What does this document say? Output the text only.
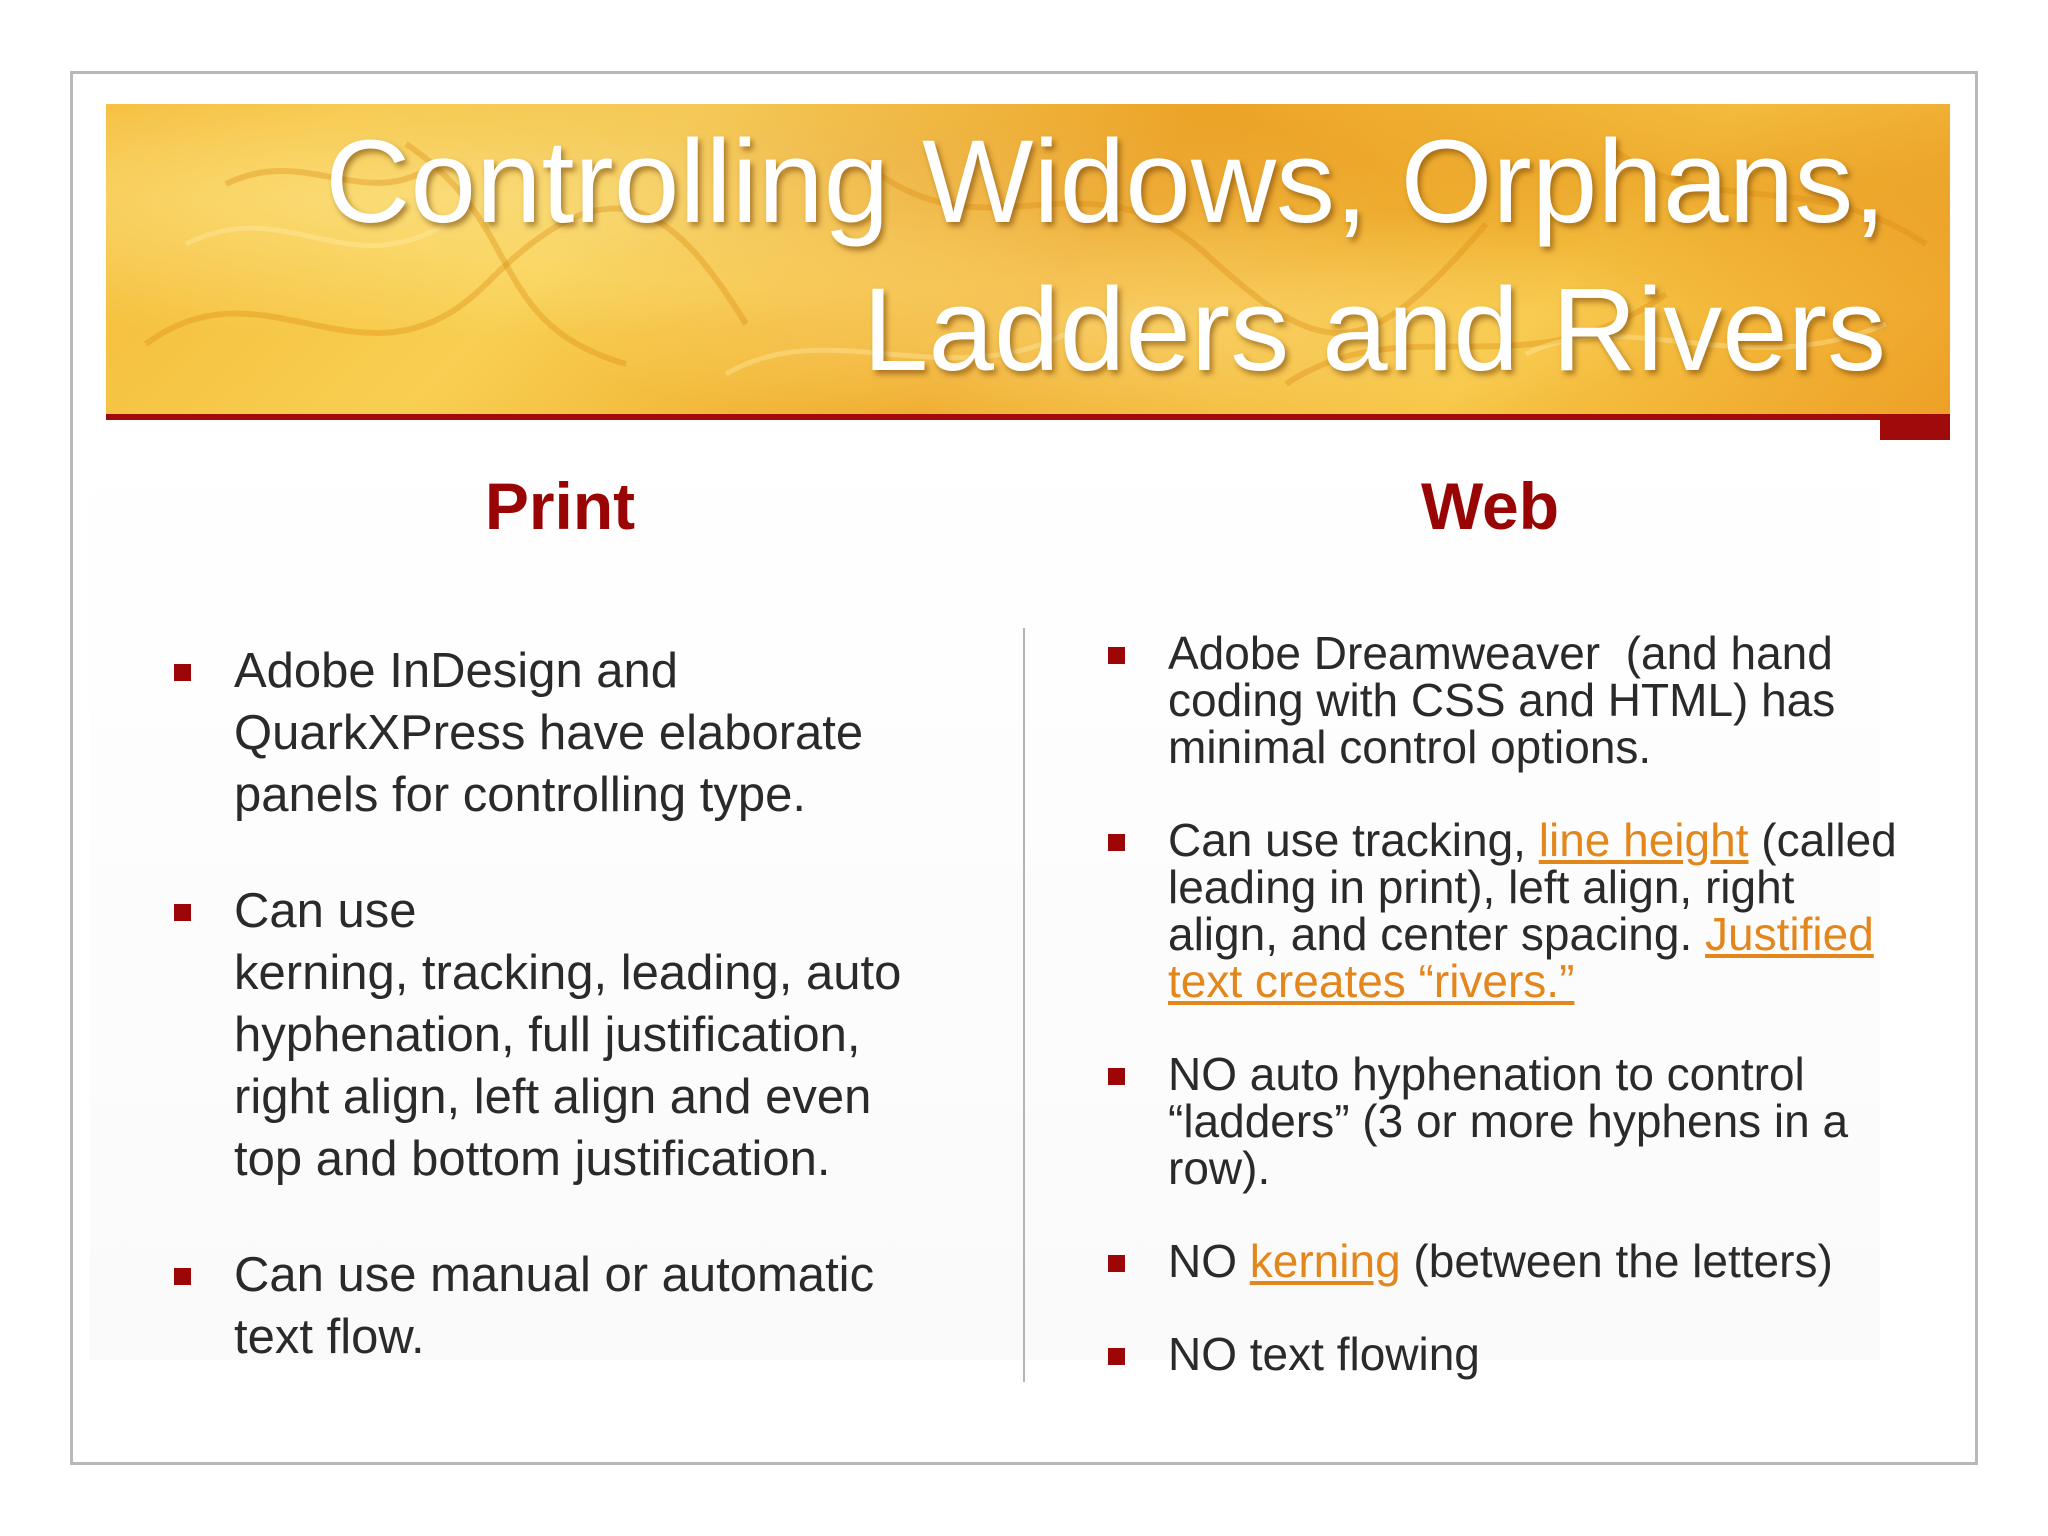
Controlling Widows, Orphans,
Ladders and Rivers
Print	Web
Adobe InDesign and QuarkXPress have elaborate panels for controlling type.
Can use
kerning, tracking, leading, auto hyphenation, full justification, right align, left align and even top and bottom justification.
Can use manual or automatic text flow.
Adobe Dreamweaver  (and hand coding with CSS and HTML) has minimal control options.
Can use tracking, line height (called leading in print), left align, right align, and center spacing. Justified text creates “rivers.”
NO auto hyphenation to control “ladders” (3 or more hyphens in a row).
NO kerning (between the letters)
NO text flowing
